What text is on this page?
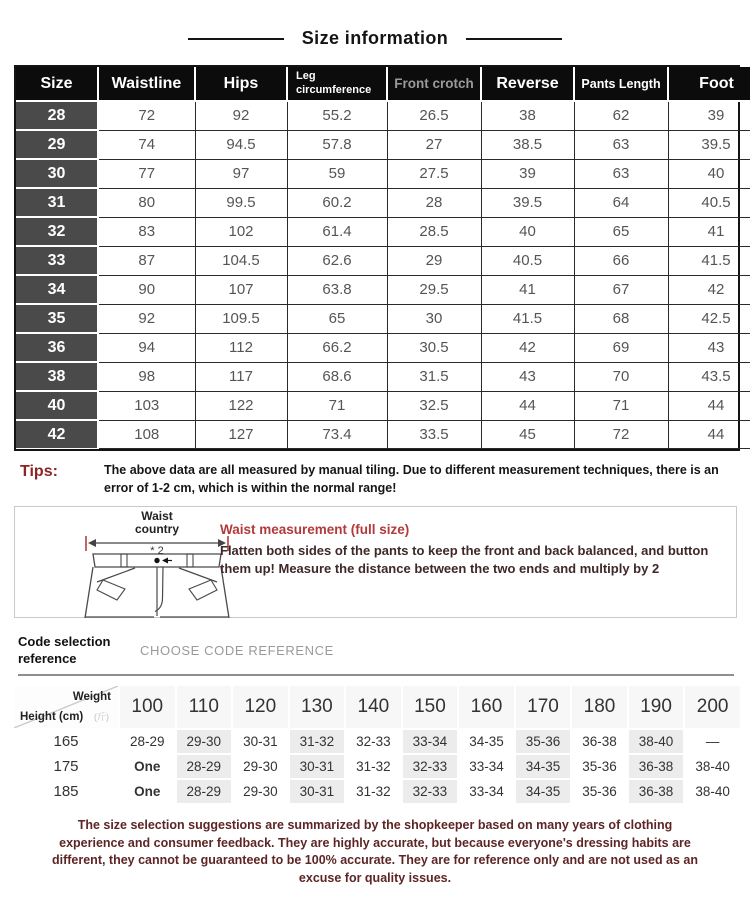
Size information
Size	Waistline	Hips	Leg circumference	Front crotch	Reverse	Pants Length	Foot
28	72	92	55.2	26.5	38	62	39
29	74	94.5	57.8	27	38.5	63	39.5
30	77	97	59	27.5	39	63	40
31	80	99.5	60.2	28	39.5	64	40.5
32	83	102	61.4	28.5	40	65	41
33	87	104.5	62.6	29	40.5	66	41.5
34	90	107	63.8	29.5	41	67	42
35	92	109.5	65	30	41.5	68	42.5
36	94	112	66.2	30.5	42	69	43
38	98	117	68.6	31.5	43	70	43.5
40	103	122	71	32.5	44	71	44
42	108	127	73.4	33.5	45	72	44
Tips:	The above data are all measured by manual tiling. Due to different measurement techniques, there is an error of 1-2 cm, which is within the normal range!

Waist
country
* 2

Waist measurement (full size)

Flatten both sides of the pants to keep the front and back balanced, and button them up! Measure the distance between the two ends and multiply by 2

Code selection
reference	CHOOSE CODE REFERENCE
Weight
(斤)
Height (cm)	100	110	120	130	140	150	160	170	180	190	200
165	28-29	29-30	30-31	31-32	32-33	33-34	34-35	35-36	36-38	38-40	—
175	One	28-29	29-30	30-31	31-32	32-33	33-34	34-35	35-36	36-38	38-40
185	One	28-29	29-30	30-31	31-32	32-33	33-34	34-35	35-36	36-38	38-40

The size selection suggestions are summarized by the shopkeeper based on many years of clothing experience and consumer feedback. They are highly accurate, but because everyone's dressing habits are different, they cannot be guaranteed to be 100% accurate. They are for reference only and are not used as an excuse for quality issues.
